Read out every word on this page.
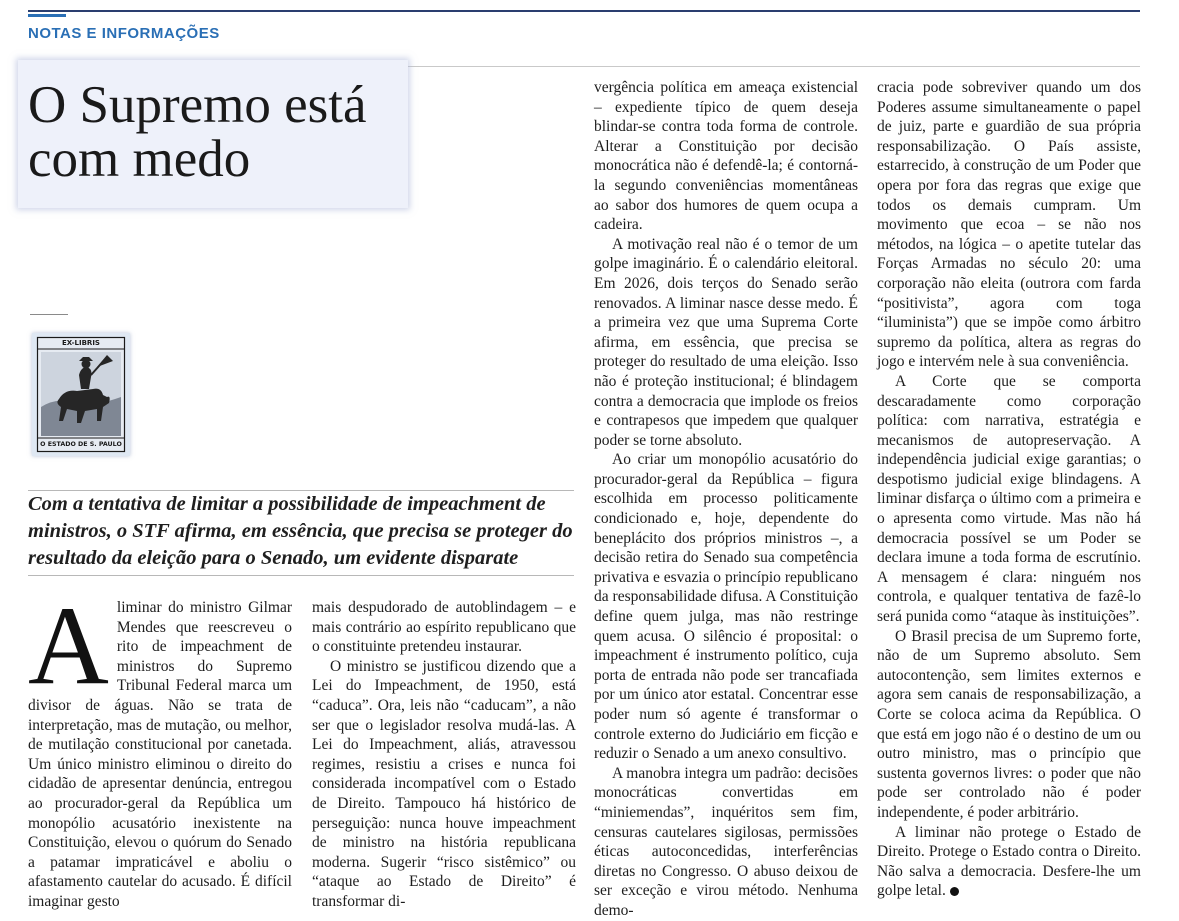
NOTAS E INFORMAÇÕES
O Supremo está com medo
EX-LIBRIS
O ESTADO DE S. PAULO

Com a tentativa de limitar a possibilidade de impeachment de ministros, o STF afirma, em essência, que precisa se proteger do resultado da eleição para o Senado, um evidente disparate

A liminar do ministro Gilmar Mendes que reescreveu o rito de impeachment de ministros do Supremo Tribunal Federal marca um divisor de águas. Não se trata de interpretação, mas de mutação, ou melhor, de mutilação constitucional por canetada. Um único ministro eliminou o direito do cidadão de apresentar denúncia, entregou ao procurador-geral da República um monopólio acusatório inexistente na Constituição, elevou o quórum do Senado a patamar impraticável e aboliu o afastamento cautelar do acusado. É difícil imaginar gesto

mais despudorado de autoblindagem – e mais contrário ao espírito republicano que o constituinte pretendeu instaurar.

O ministro se justificou dizendo que a Lei do Impeachment, de 1950, está “caduca”. Ora, leis não “caducam”, a não ser que o legislador resolva mudá-las. A Lei do Impeachment, aliás, atravessou regimes, resistiu a crises e nunca foi considerada incompatível com o Estado de Direito. Tampouco há histórico de perseguição: nunca houve impeachment de ministro na história republicana moderna. Sugerir “risco sistêmico” ou “ataque ao Estado de Direito” é transformar di-

vergência política em ameaça existencial – expediente típico de quem deseja blindar-se contra toda forma de controle. Alterar a Constituição por decisão monocrática não é defendê-la; é contorná-la segundo conveniências momentâneas ao sabor dos humores de quem ocupa a cadeira.

A motivação real não é o temor de um golpe imaginário. É o calendário eleitoral. Em 2026, dois terços do Senado serão renovados. A liminar nasce desse medo. É a primeira vez que uma Suprema Corte afirma, em essência, que precisa se proteger do resultado de uma eleição. Isso não é proteção institucional; é blindagem contra a democracia que implode os freios e contrapesos que impedem que qualquer poder se torne absoluto.

Ao criar um monopólio acusatório do procurador-geral da República – figura escolhida em processo politicamente condicionado e, hoje, dependente do beneplácito dos próprios ministros –, a decisão retira do Senado sua competência privativa e esvazia o princípio republicano da responsabilidade difusa. A Constituição define quem julga, mas não restringe quem acusa. O silêncio é proposital: o impeachment é instrumento político, cuja porta de entrada não pode ser trancafiada por um único ator estatal. Concentrar esse poder num só agente é transformar o controle externo do Judiciário em ficção e reduzir o Senado a um anexo consultivo.

A manobra integra um padrão: decisões monocráticas convertidas em “miniemendas”, inquéritos sem fim, censuras cautelares sigilosas, permissões éticas autoconcedidas, interferências diretas no Congresso. O abuso deixou de ser exceção e virou método. Nenhuma demo-

cracia pode sobreviver quando um dos Poderes assume simultaneamente o papel de juiz, parte e guardião de sua própria responsabilização. O País assiste, estarrecido, à construção de um Poder que opera por fora das regras que exige que todos os demais cumpram. Um movimento que ecoa – se não nos métodos, na lógica – o apetite tutelar das Forças Armadas no século 20: uma corporação não eleita (outrora com farda “positivista”, agora com toga “iluminista”) que se impõe como árbitro supremo da política, altera as regras do jogo e intervém nele à sua conveniência.

A Corte que se comporta descaradamente como corporação política: com narrativa, estratégia e mecanismos de autopreservação. A independência judicial exige garantias; o despotismo judicial exige blindagens. A liminar disfarça o último com a primeira e o apresenta como virtude. Mas não há democracia possível se um Poder se declara imune a toda forma de escrutínio. A mensagem é clara: ninguém nos controla, e qualquer tentativa de fazê-lo será punida como “ataque às instituições”.

O Brasil precisa de um Supremo forte, não de um Supremo absoluto. Sem autocontenção, sem limites externos e agora sem canais de responsabilização, a Corte se coloca acima da República. O que está em jogo não é o destino de um ou outro ministro, mas o princípio que sustenta governos livres: o poder que não pode ser controlado não é poder independente, é poder arbitrário.

A liminar não protege o Estado de Direito. Protege o Estado contra o Direito. Não salva a democracia. Desfere-lhe um golpe letal.
